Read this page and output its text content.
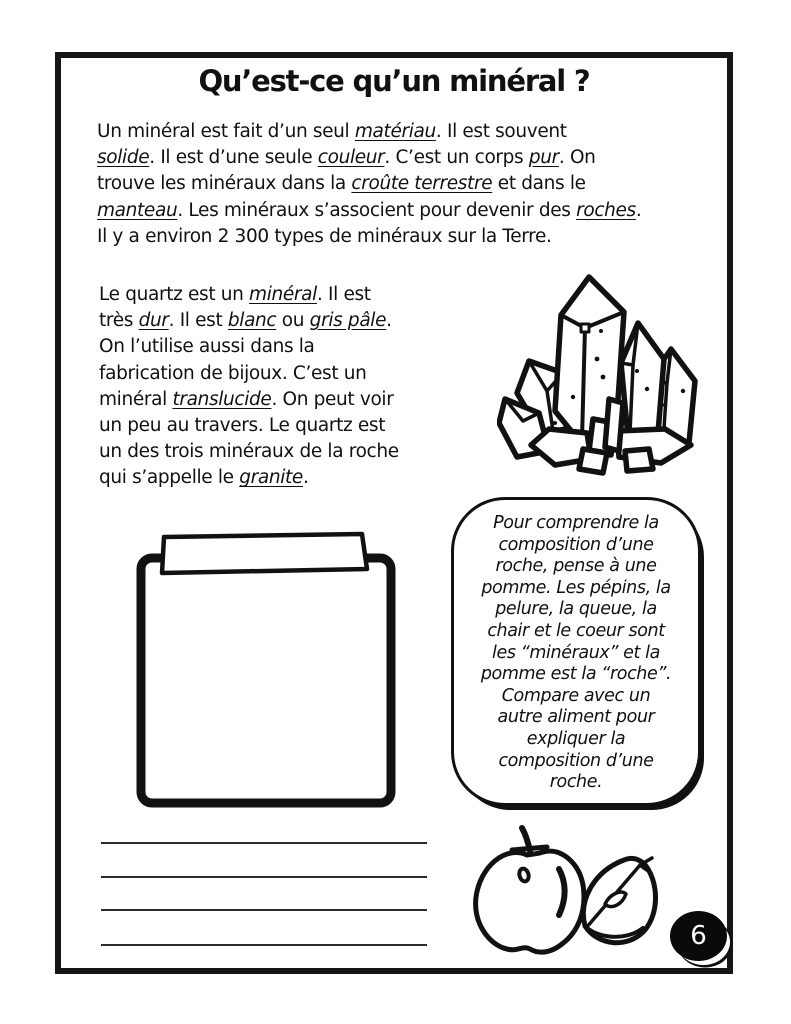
Qu’est-ce qu’un minéral ?
Un minéral est fait d’un seul matériau. Il est souvent
solide. Il est d’une seule couleur. C’est un corps pur. On
trouve les minéraux dans la croûte terrestre et dans le
manteau. Les minéraux s’associent pour devenir des roches.
Il y a environ 2 300 types de minéraux sur la Terre.
Le quartz est un minéral. Il est
très dur. Il est blanc ou gris pâle.
On l’utilise aussi dans la
fabrication de bijoux. C’est un
minéral translucide. On peut voir
un peu au travers. Le quartz est
un des trois minéraux de la roche
qui s’appelle le granite.
Pour comprendre la
composition d’une
roche, pense à une
pomme. Les pépins, la
pelure, la queue, la
chair et le coeur sont
les “minéraux” et la
pomme est la “roche”.
Compare avec un
autre aliment pour
expliquer la
composition d’une
roche.
6
